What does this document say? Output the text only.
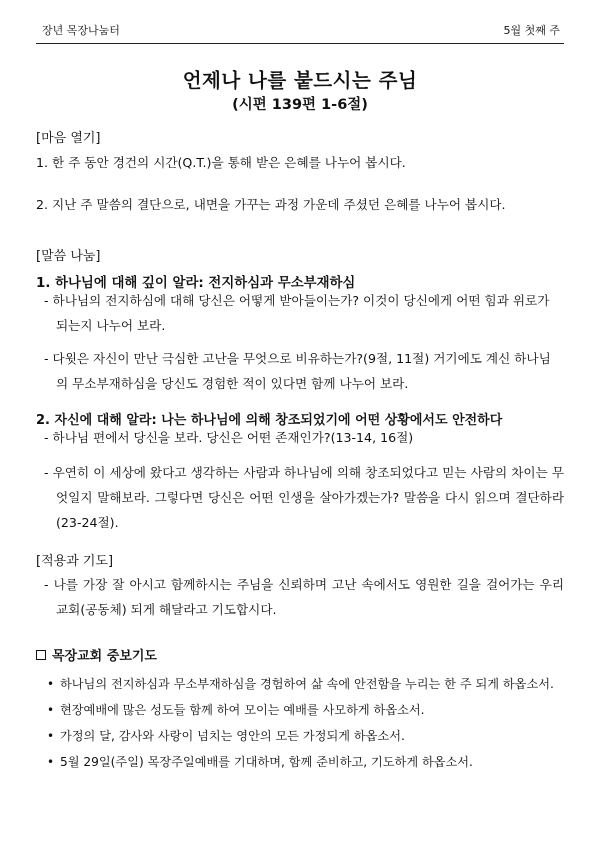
장년 목장나눔터	5월 첫째 주
언제나 나를 붙드시는 주님
(시편 139편 1-6절)
[마음 열기]
1. 한 주 동안 경건의 시간(Q.T.)을 통해 받은 은혜를 나누어 봅시다.
2. 지난 주 말씀의 결단으로, 내면을 가꾸는 과정 가운데 주셨던 은혜를 나누어 봅시다.
[말씀 나눔]
1. 하나님에 대해 깊이 알라: 전지하심과 무소부재하심
- 하나님의 전지하심에 대해 당신은 어떻게 받아들이는가? 이것이 당신에게 어떤 힘과 위로가 되는지 나누어 보라.
- 다윗은 자신이 만난 극심한 고난을 무엇으로 비유하는가?(9절, 11절) 거기에도 계신 하나님의 무소부재하심을 당신도 경험한 적이 있다면 함께 나누어 보라.
2. 자신에 대해 알라: 나는 하나님에 의해 창조되었기에 어떤 상황에서도 안전하다
- 하나님 편에서 당신을 보라. 당신은 어떤 존재인가?(13-14, 16절)
- 우연히 이 세상에 왔다고 생각하는 사람과 하나님에 의해 창조되었다고 믿는 사람의 차이는 무엇일지 말해보라. 그렇다면 당신은 어떤 인생을 살아가겠는가? 말씀을 다시 읽으며 결단하라(23-24절).
[적용과 기도]
- 나를 가장 잘 아시고 함께하시는 주님을 신뢰하며 고난 속에서도 영원한 길을 걸어가는 우리 교회(공동체) 되게 해달라고 기도합시다.
목장교회 중보기도
• 하나님의 전지하심과 무소부재하심을 경험하여 삶 속에 안전함을 누리는 한 주 되게 하옵소서.
• 현장예배에 많은 성도들 함께 하여 모이는 예배를 사모하게 하옵소서.
• 가정의 달, 감사와 사랑이 넘치는 영안의 모든 가정되게 하옵소서.
• 5월 29일(주일) 목장주일예배를 기대하며, 함께 준비하고, 기도하게 하옵소서.
